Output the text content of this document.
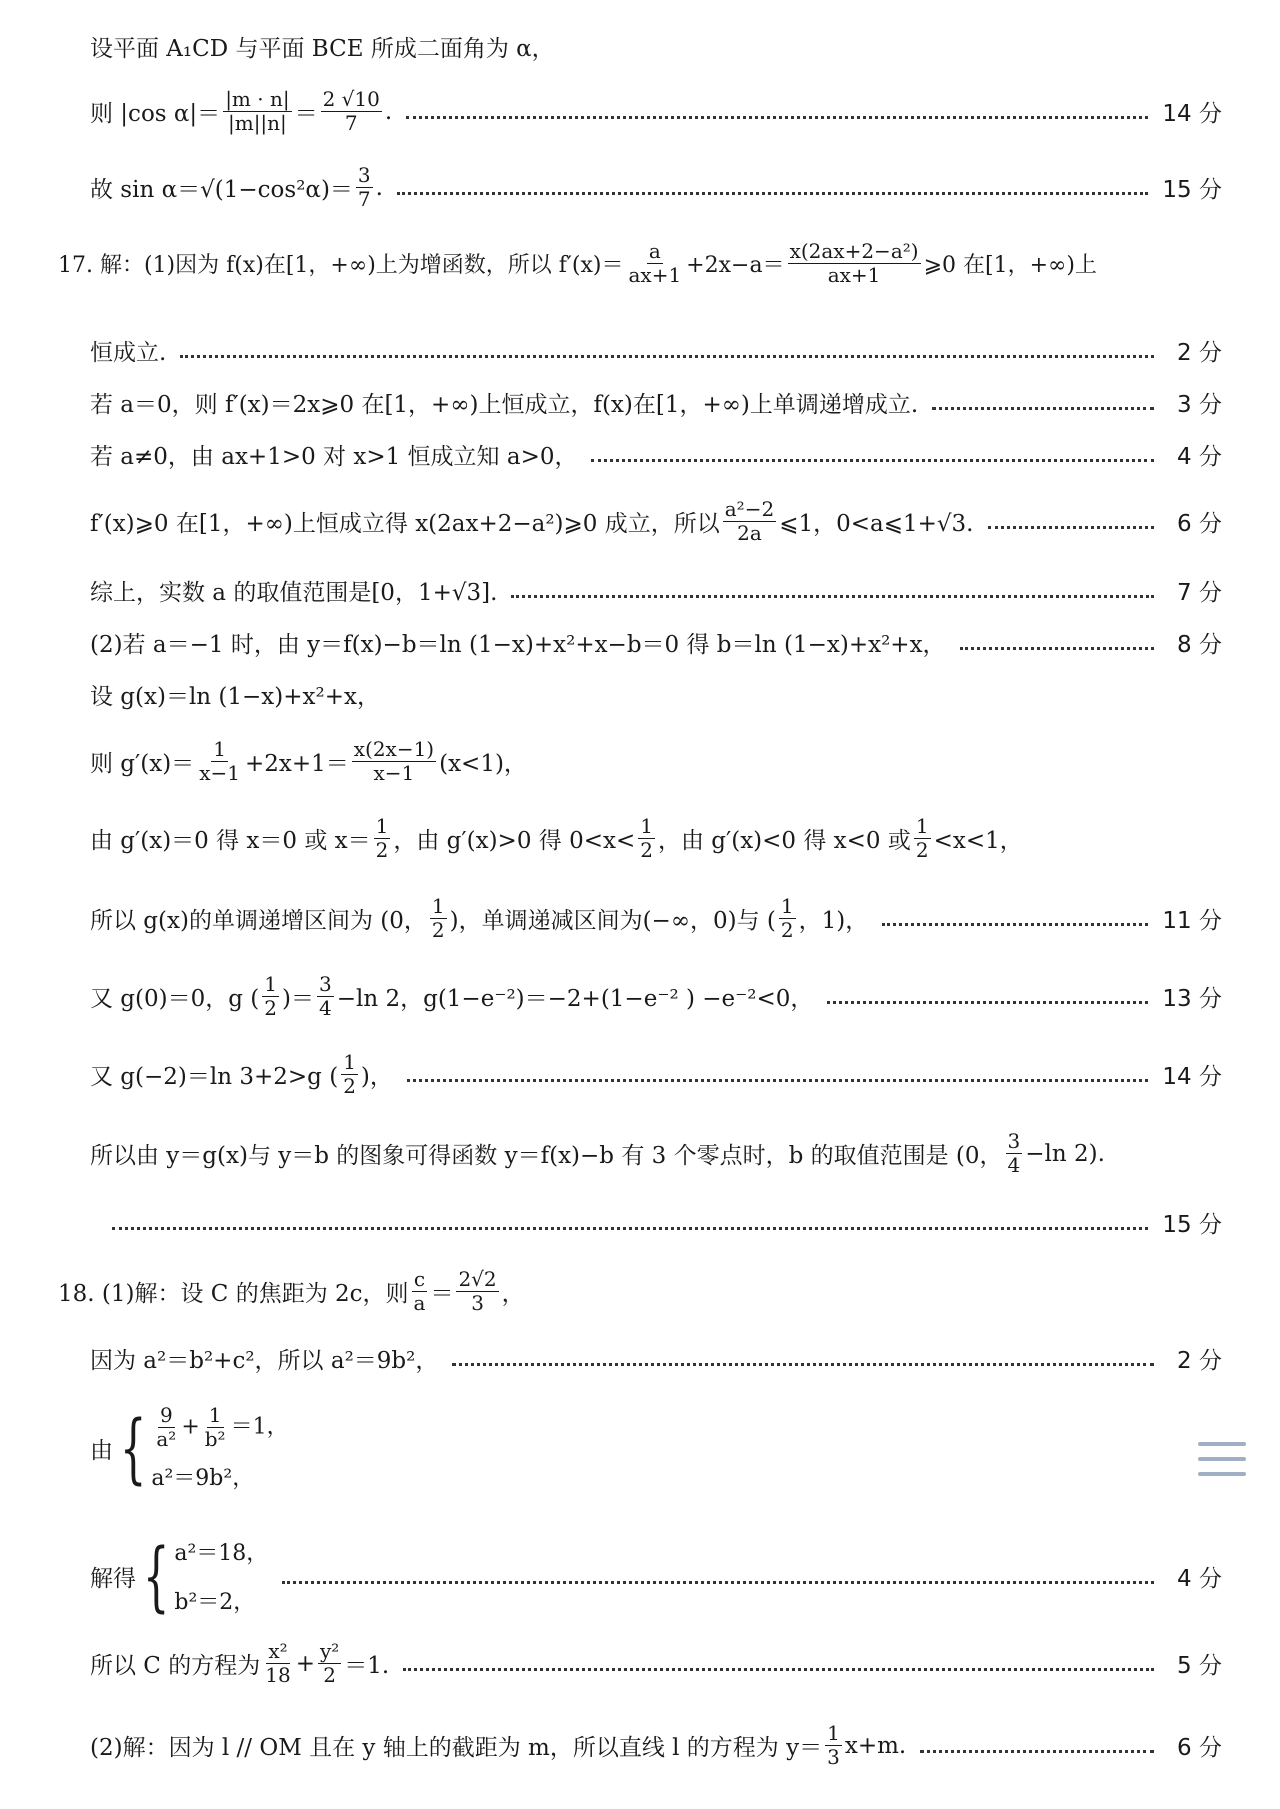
设平面 A₁CD 与平面 BCE 所成二面角为 α，
则 |cos $\alpha|= \frac{|m \cdot n|}{|m||n|} = \frac{2 √10}{7}$ .	14 分
故 $\sin \alpha=√(1-\cos^2\alpha)= \frac{3}{7}$ .	15 分
17. 解：(1)因为 f(x)在[1，+∞)上为增函数，所以 $f'(x)= \frac{a}{ax+1} +2x-a= \frac{\text{x(2ax+2−a²)}}{ax+1}$ ⩾0 在[1，+∞)上
恒成立.	2 分
若 a＝0，则 f′(x)＝2x⩾0 在[1，+∞)上恒成立，f(x)在[1，+∞)上单调递增成立.	3 分
若 a≠0，由 ax+1>0 对 x>1 恒成立知 a>0，	4 分
f′(x)⩾0 在[1，+∞)上恒成立得 x(2ax+2−a²)⩾0 成立，所以 $\frac{\text{a²−2}}{2a}$ ⩽1，0<a⩽1+√3.	6 分
综上，实数 a 的取值范围是[0，1+√3].	7 分
(2)若 a＝−1 时，由 y＝f(x)−b＝ln (1−x)+x²+x−b＝0 得 b＝ln (1−x)+x²+x，	8 分
设 g(x)＝ln (1−x)+x²+x，
则 $g'(x)= \frac{1}{x-1} +2x+1= \frac{x(2x-1)}{x-1} (x<1)$，
由 g′(x)＝0 得 x＝0 或 $x= \frac{1}{2}$ ，由 g′(x)>0 得 $0<x< \frac{1}{2}$ ，由 g′(x)<0 得 x<0 或 $\frac{1}{2} <x<1$，
所以 g(x)的单调递增区间为 (0， $\frac{1}{2}$ )，单调递减区间为(−∞，0)与 ( $\frac{1}{2}$ ，1)，	11 分
又 g(0)＝0，g ( $\frac{1}{2}$ )＝ $\frac{3}{4} -\ln$ 2，g(1−e⁻²)＝−2+(1−e⁻² ) −e⁻²<0，	13 分
又 g(−2)＝ln 3+2>g ( $\frac{1}{2}$ )，	14 分
所以由 y＝g(x)与 y＝b 的图象可得函数 y＝f(x)−b 有 3 个零点时，b 的取值范围是 (0， $\frac{3}{4} -\ln$ 2).
15 分
18. (1)解：设 C 的焦距为 2c，则 $\frac{c}{a} = \frac{2√2}{3}$ ，
因为 a²＝b²+c²，所以 a²＝9b²，	2 分
由 { $\frac{9}{\text{a²}} + \frac{1}{\text{b²}} =1$，
a²＝9b²，
解得 { a²＝18，
b²＝2，
4 分
所以 C 的方程为 $\frac{\text{x²}}{18} + \frac{\text{y²}}{2} =1$.	5 分
(2)解：因为 l // OM 且在 y 轴上的截距为 m，所以直线 l 的方程为 $y= \frac{1}{3} x+m$.	6 分
